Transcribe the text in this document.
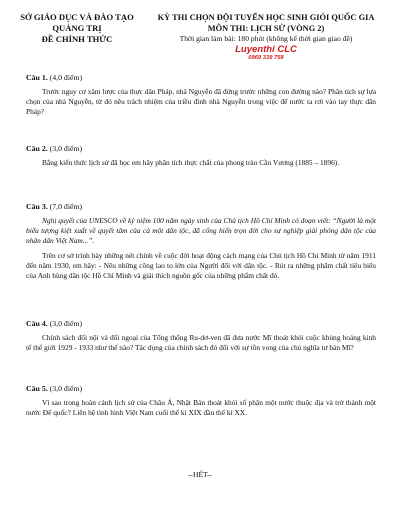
SỞ GIÁO DỤC VÀ ĐÀO TẠO
QUẢNG TRỊ
ĐỀ CHÍNH THỨC
KỲ THI CHỌN ĐỘI TUYỂN HỌC SINH GIỎI QUỐC GIA
MÔN THI: LỊCH SỬ (VÒNG 2)
Thời gian làm bài: 180 phút (không kể thời gian giao đề)
Luyenthi CLC
0969 339 758
Câu 1. (4,0 điểm)
Trước nguy cơ xâm lược của thực dân Pháp, nhà Nguyễn đã đứng trước những con đường nào? Phân tích sự lựa chọn của nhà Nguyễn, từ đó nêu trách nhiệm của triều đình nhà Nguyễn trong việc để nước ta rơi vào tay thực dân Pháp?
Câu 2. (3,0 điểm)
Bằng kiến thức lịch sử đã học em hãy phân tích thực chất của phong trào Cần Vương (1885 – 1896).
Câu 3. (7,0 điểm)
Nghị quyết của UNESCO về kỷ niệm 100 năm ngày sinh của Chủ tịch Hồ Chí Minh có đoạn viết: “Người là một biểu tượng kiệt xuất về quyết tâm của cả một dân tộc, đã cống hiến trọn đời cho sự nghiệp giải phóng dân tộc của nhân dân Việt Nam...”.
Trên cơ sở trình bày những nét chính về cuộc đời hoạt động cách mạng của Chủ tịch Hồ Chí Minh từ năm 1911 đến năm 1930, em hãy: - Nêu những công lao to lớn của Người đối với dân tộc. - Rút ra những phẩm chất tiêu biểu của Anh hùng dân tộc Hồ Chí Minh và giải thích nguồn gốc của những phẩm chất đó.
Câu 4. (3,0 điểm)
Chính sách đối nội và đối ngoại của Tổng thống Ru-dơ-ven đã đưa nước Mĩ thoát khỏi cuộc khủng hoảng kinh tế thế giới 1929 - 1933 như thế nào? Tác dụng của chính sách đó đối với sự tồn vong của chủ nghĩa tư bản Mĩ?
Câu 5. (3,0 điểm)
Vì sao trong hoàn cảnh lịch sử của Châu Á, Nhật Bản thoát khỏi số phận một nước thuộc địa và trở thành một nước Đế quốc? Liên hệ tình hình Việt Nam cuối thế kỉ XIX đầu thế kỉ XX.
--HẾT--
